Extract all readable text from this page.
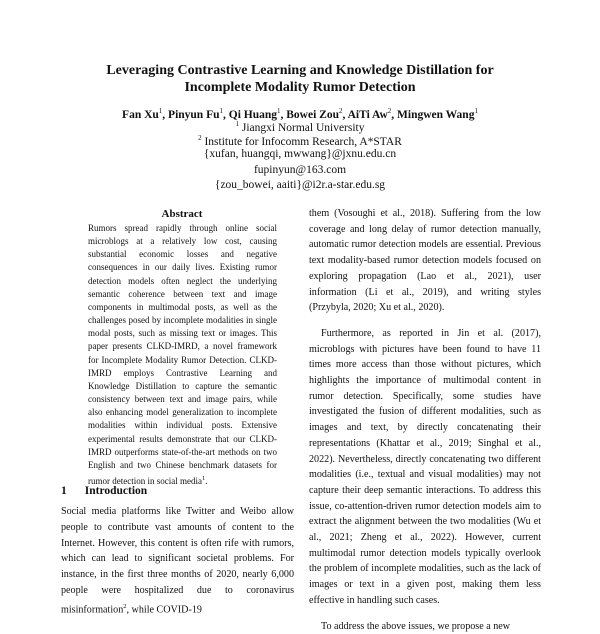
Leveraging Contrastive Learning and Knowledge Distillation for
Incomplete Modality Rumor Detection
Fan Xu$^1$, Pinyun Fu$^1$, Qi Huang$^1$, Bowei Zou$^2$, AiTi Aw$^2$, Mingwen Wang$^1$
$^1$ Jiangxi Normal University
$^2$ Institute for Infocomm Research, A*STAR
{xufan, huangqi, mwwang}@jxnu.edu.cn
fupinyun@163.com
{zou_bowei, aaiti}@i2r.a-star.edu.sg
Abstract

Rumors spread rapidly through online social microblogs at a relatively low cost, causing substantial economic losses and negative consequences in our daily lives. Existing rumor detection models often neglect the underlying semantic coherence between text and image components in multimodal posts, as well as the challenges posed by incomplete modalities in single modal posts, such as missing text or images. This paper presents CLKD-IMRD, a novel framework for Incomplete Modality Rumor Detection. CLKD-IMRD employs Contrastive Learning and Knowledge Distillation to capture the semantic consistency between text and image pairs, while also enhancing model generalization to incomplete modalities within individual posts. Extensive experimental results demonstrate that our CLKD-IMRD outperforms state-of-the-art methods on two English and two Chinese benchmark datasets for rumor detection in social media$^1$.

1 Introduction

Social media platforms like Twitter and Weibo allow people to contribute vast amounts of content to the Internet. However, this content is often rife with rumors, which can lead to significant societal problems. For instance, in the first three months of 2020, nearly 6,000 people were hospitalized due to coronavirus misinformation$^2$, while COVID-19

them (Vosoughi et al., 2018). Suffering from the low coverage and long delay of rumor detection manually, automatic rumor detection models are essential. Previous text modality-based rumor detection models focused on exploring propagation (Lao et al., 2021), user information (Li et al., 2019), and writing styles (Przybyla, 2020; Xu et al., 2020).

Furthermore, as reported in Jin et al. (2017), microblogs with pictures have been found to have 11 times more access than those without pictures, which highlights the importance of multimodal content in rumor detection. Specifically, some studies have investigated the fusion of different modalities, such as images and text, by directly concatenating their representations (Khattar et al., 2019; Singhal et al., 2022). Nevertheless, directly concatenating two different modalities (i.e., textual and visual modalities) may not capture their deep semantic interactions. To address this issue, co-attention-driven rumor detection models aim to extract the alignment between the two modalities (Wu et al., 2021; Zheng et al., 2022). However, current multimodal rumor detection models typically overlook the problem of incomplete modalities, such as the lack of images or text in a given post, making them less effective in handling such cases.

To address the above issues, we propose a new
